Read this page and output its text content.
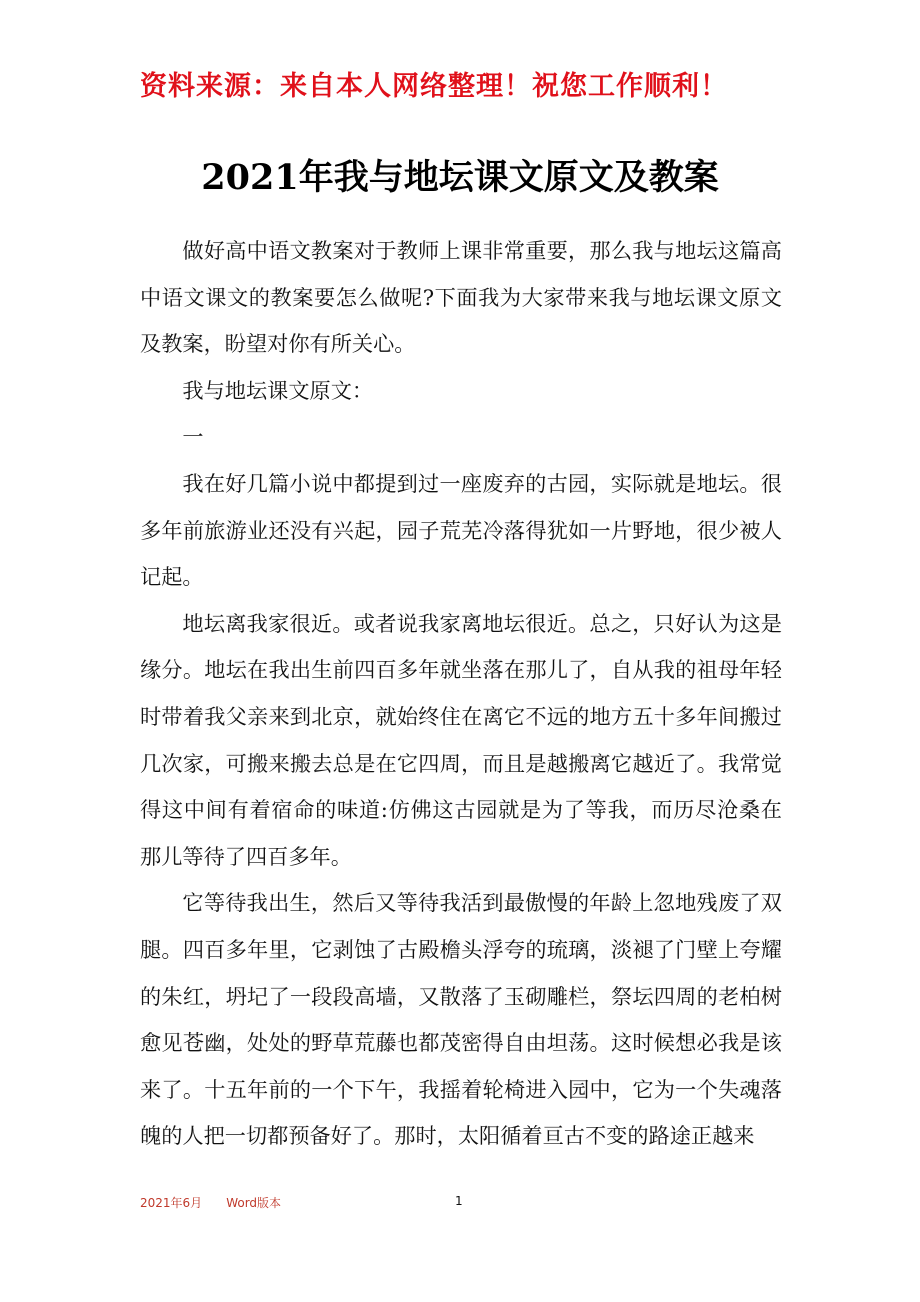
资料来源：来自本人网络整理！祝您工作顺利！
2021年我与地坛课文原文及教案

做好高中语文教案对于教师上课非常重要，那么我与地坛这篇高中语文课文的教案要怎么做呢?下面我为大家带来我与地坛课文原文及教案，盼望对你有所关心。

我与地坛课文原文：

一

我在好几篇小说中都提到过一座废弃的古园，实际就是地坛。很多年前旅游业还没有兴起，园子荒芜冷落得犹如一片野地，很少被人记起。

地坛离我家很近。或者说我家离地坛很近。总之，只好认为这是缘分。地坛在我出生前四百多年就坐落在那儿了，自从我的祖母年轻时带着我父亲来到北京，就始终住在离它不远的地方五十多年间搬过几次家，可搬来搬去总是在它四周，而且是越搬离它越近了。我常觉得这中间有着宿命的味道:仿佛这古园就是为了等我，而历尽沧桑在那儿等待了四百多年。

它等待我出生，然后又等待我活到最傲慢的年龄上忽地残废了双腿。四百多年里，它剥蚀了古殿檐头浮夸的琉璃，淡褪了门壁上夸耀的朱红，坍圮了一段段高墙，又散落了玉砌雕栏，祭坛四周的老柏树愈见苍幽，处处的野草荒藤也都茂密得自由坦荡。这时候想必我是该来了。十五年前的一个下午，我摇着轮椅进入园中，它为一个失魂落魄的人把一切都预备好了。那时，太阳循着亘古不变的路途正越来

2021年6月 Word版本	1
